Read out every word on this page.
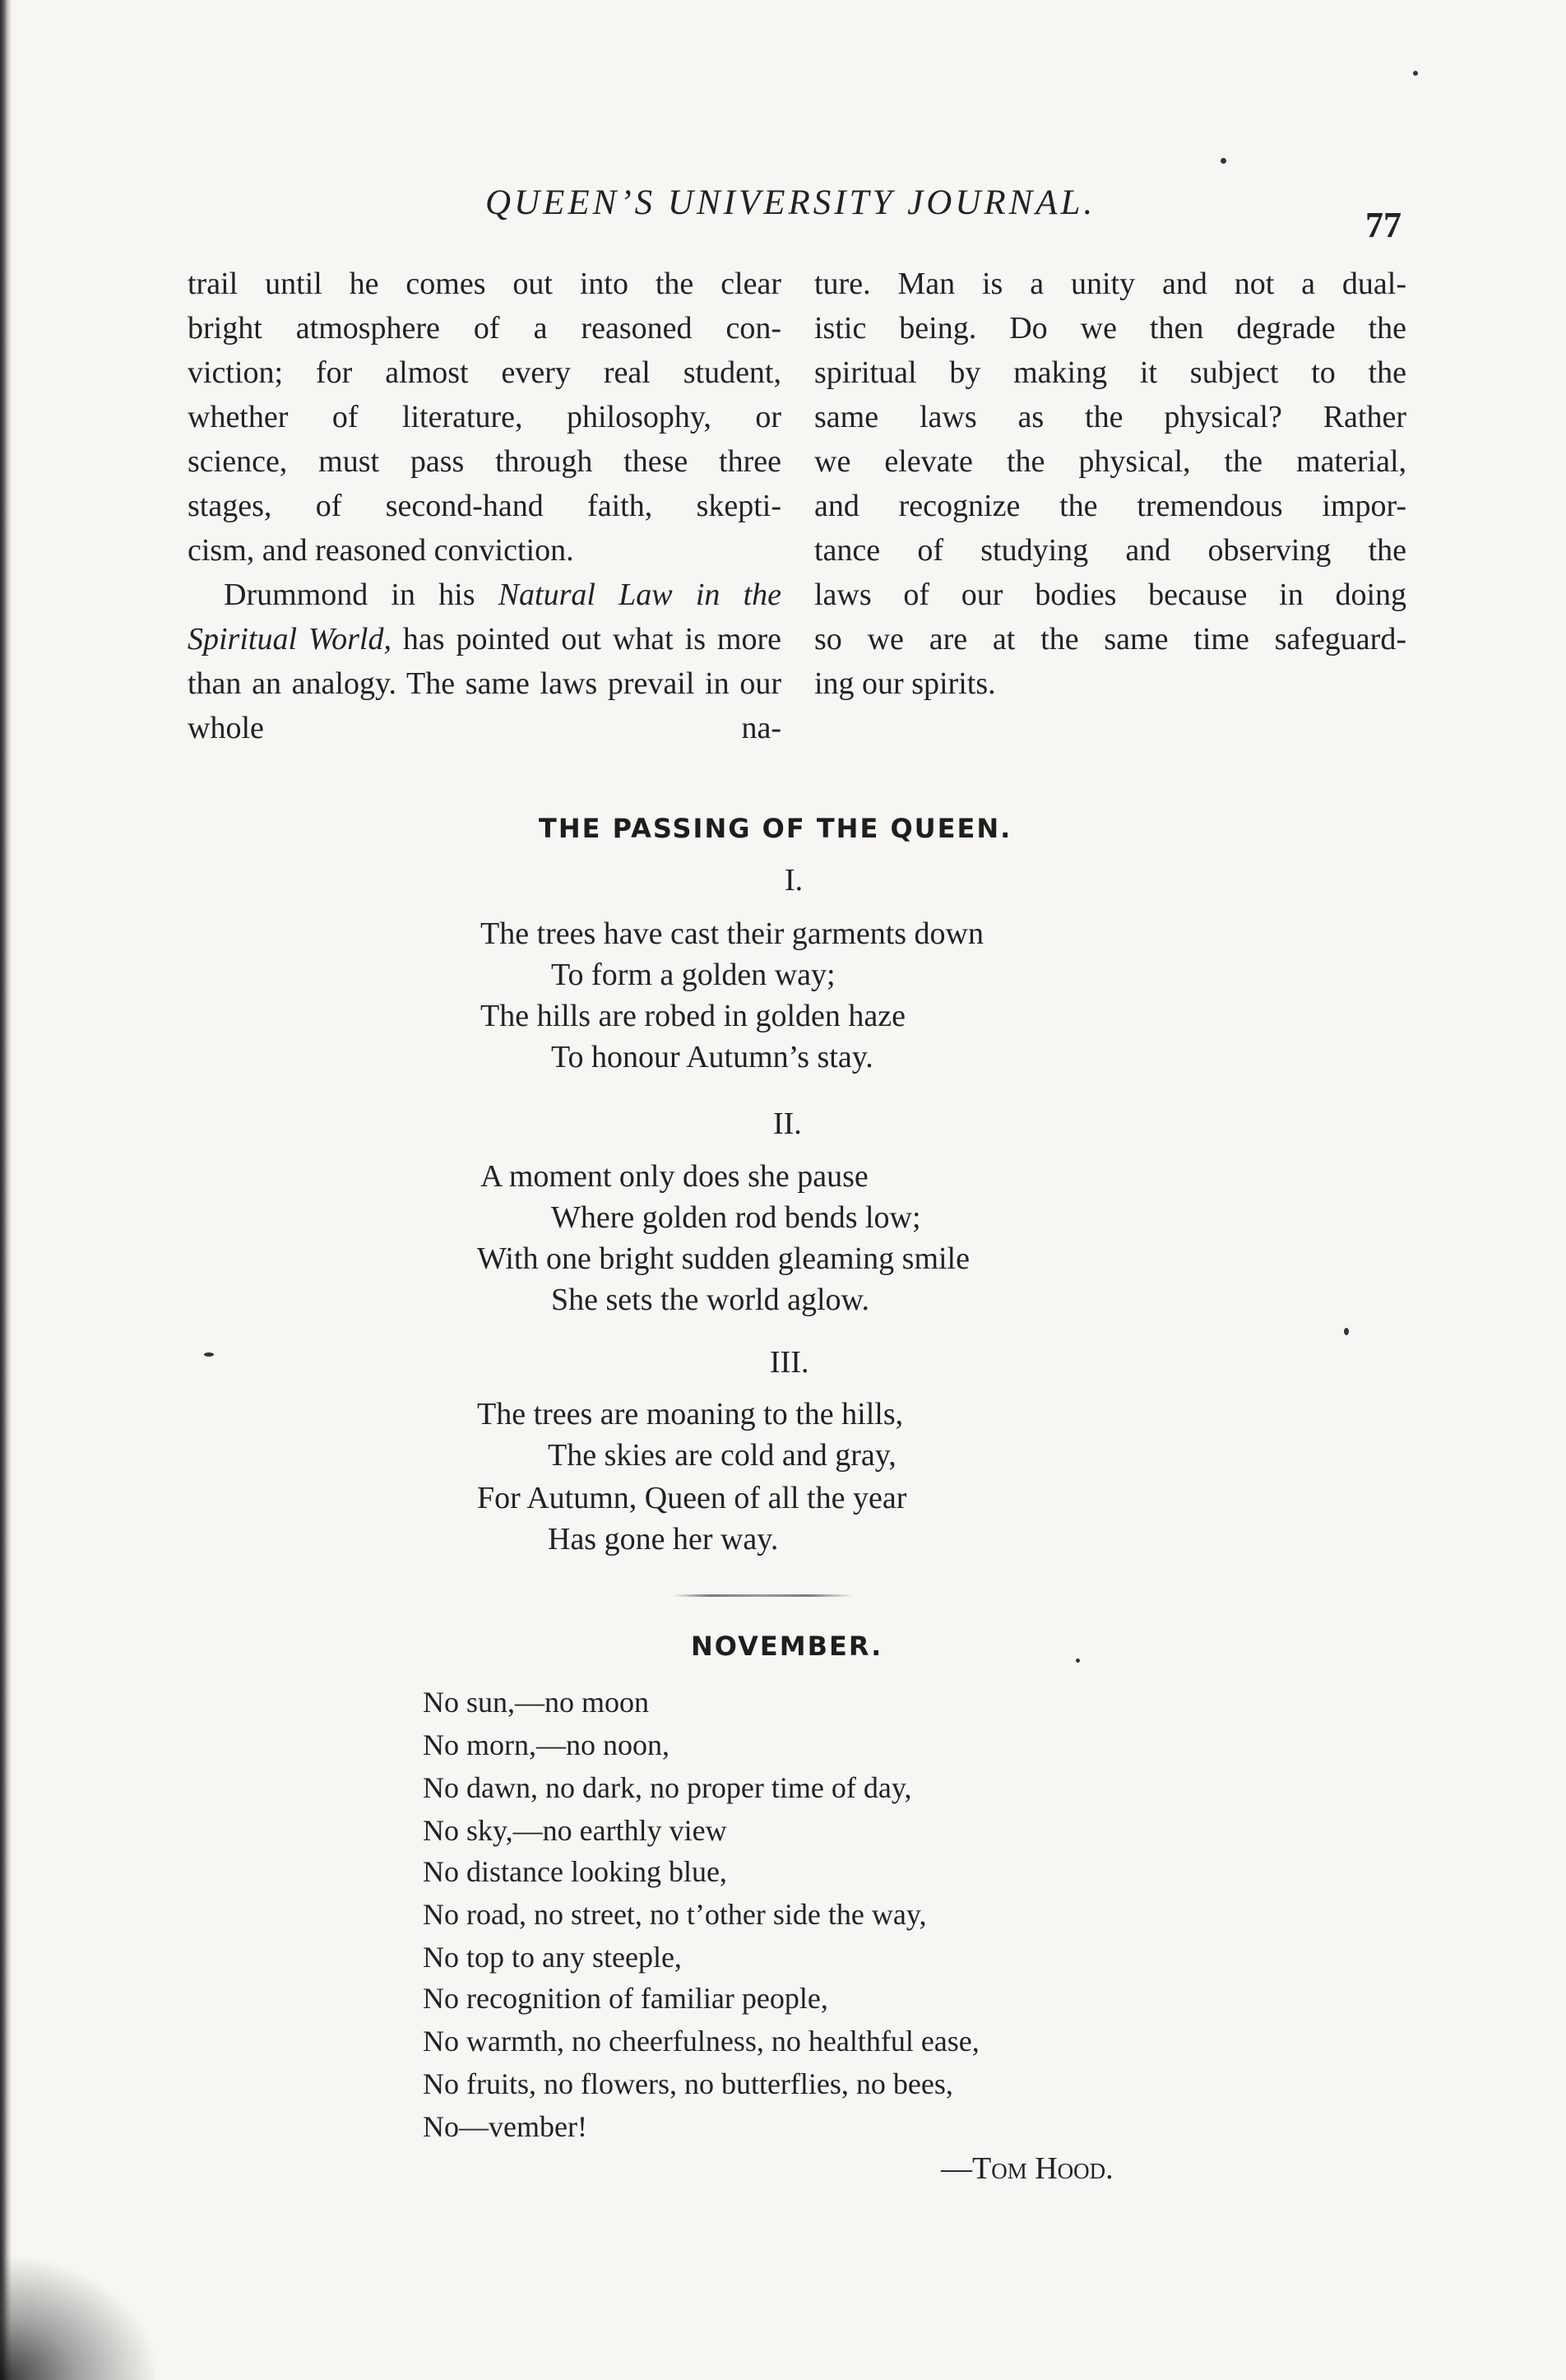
QUEEN’S UNIVERSITY JOURNAL.
77

trail until he comes out into the clear
bright atmosphere of a reasoned con-
viction; for almost every real student,
whether of literature, philosophy, or
science, must pass through these three
stages, of second-hand faith, skepti-
cism, and reasoned conviction.

Drummond in his Natural Law in the Spiritual World, has pointed out what is more than an analogy. The same laws prevail in our whole na-

ture. Man is a unity and not a dual-
istic being. Do we then degrade the
spiritual by making it subject to the
same laws as the physical? Rather
we elevate the physical, the material,
and recognize the tremendous impor-
tance of studying and observing the
laws of our bodies because in doing
so we are at the same time safeguard-
ing our spirits.

THE PASSING OF THE QUEEN.
I.
The trees have cast their garments down
To form a golden way;
The hills are robed in golden haze
To honour Autumn’s stay.
II.
A moment only does she pause
Where golden rod bends low;
With one bright sudden gleaming smile
She sets the world aglow.
III.
The trees are moaning to the hills,
The skies are cold and gray,
For Autumn, Queen of all the year
Has gone her way.
NOVEMBER.
No sun,—no moon
No morn,—no noon,
No dawn, no dark, no proper time of day,
No sky,—no earthly view
No distance looking blue,
No road, no street, no t’other side the way,
No top to any steeple,
No recognition of familiar people,
No warmth, no cheerfulness, no healthful ease,
No fruits, no flowers, no butterflies, no bees,
No—vember!
—Tom Hood.
